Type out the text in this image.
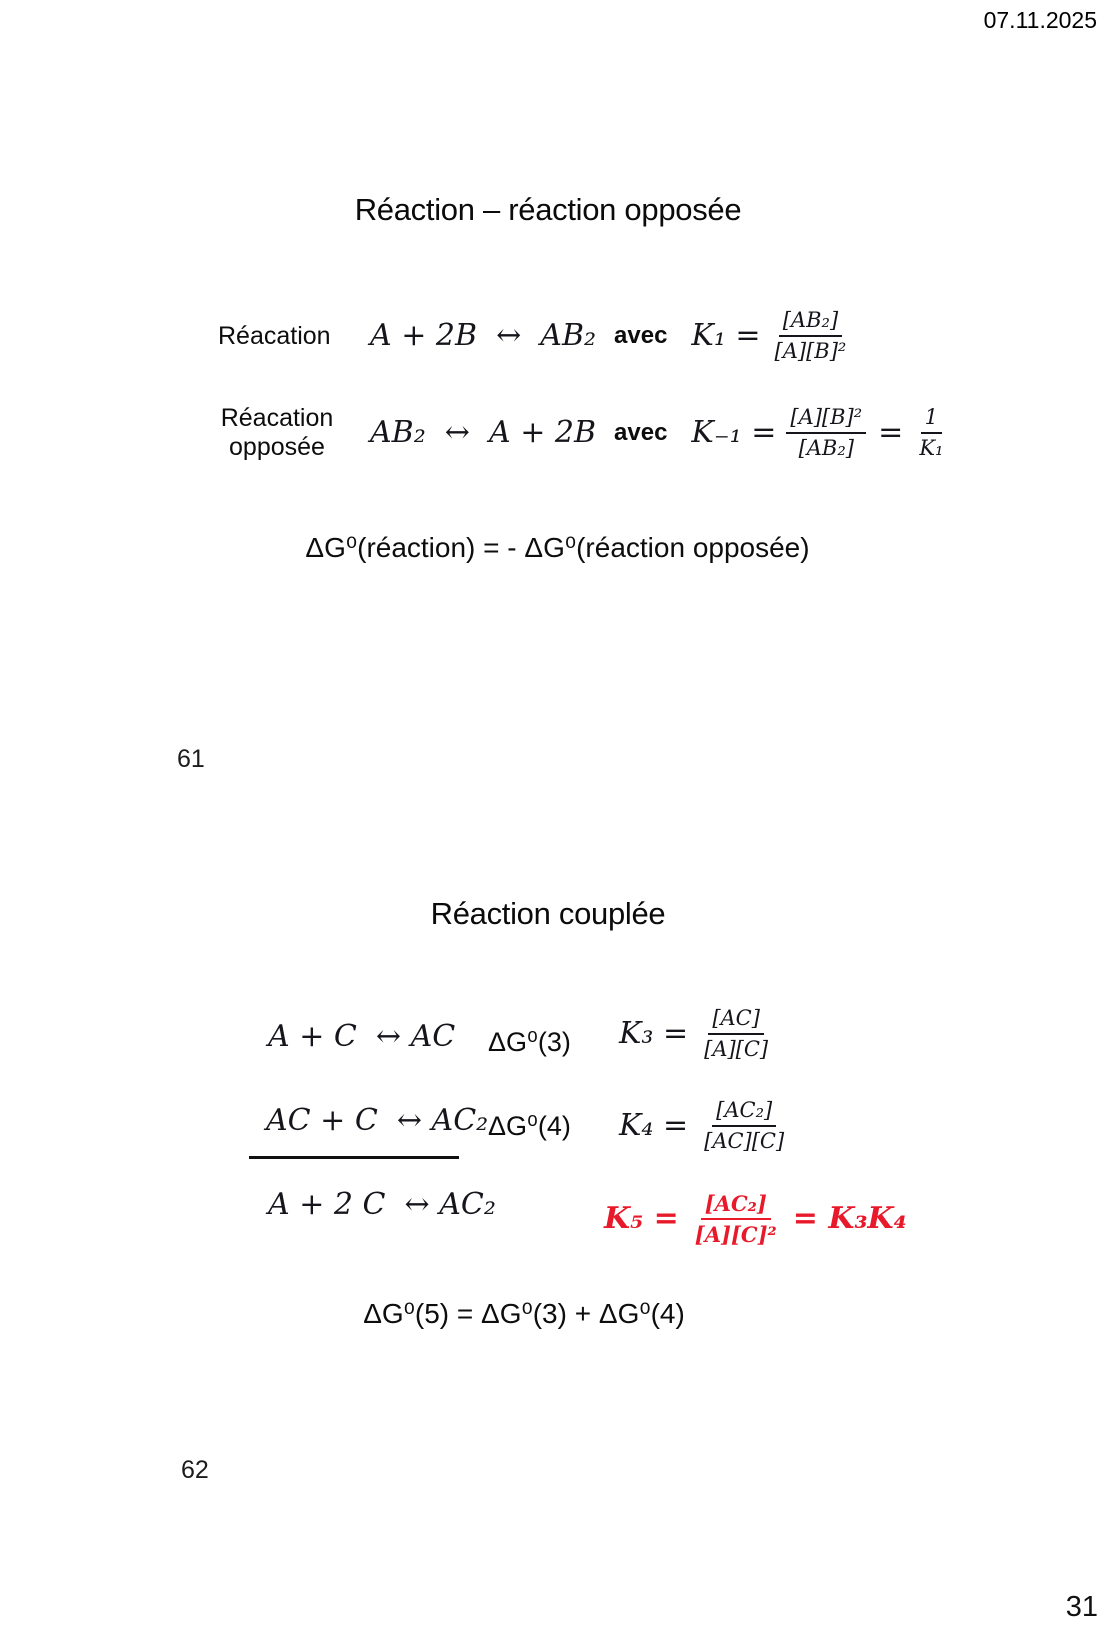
07.11.2025
Réaction – réaction opposée
Réacation A + 2B  ↔  AB₂ avec $K_1 = \frac{\text{[AB₂]}}{\text{[A][B]²}}$
Réacation
opposée AB₂  ↔  A + 2B avec $K_{-1} = \frac{\text{[A][B]²}}{\text{[AB₂]}} = \frac{1}{\text{K₁}}$
ΔG⁰(réaction) = - ΔG⁰(réaction opposée)
61
Réaction couplée
A + C  ↔ AC ΔG⁰(3) $K_3 = \frac{[AC]}{[A][C]}$
AC + C  ↔ AC₂ ΔG⁰(4) $K_4 = \frac{\text{[AC₂]}}{[AC][C]}$
A + 2 C  ↔ AC₂	$K_5 = \frac{\text{[AC₂]}}{\text{[A][C]²}} = K_3K_4$
ΔG⁰(5) = ΔG⁰(3) + ΔG⁰(4)
62
31
